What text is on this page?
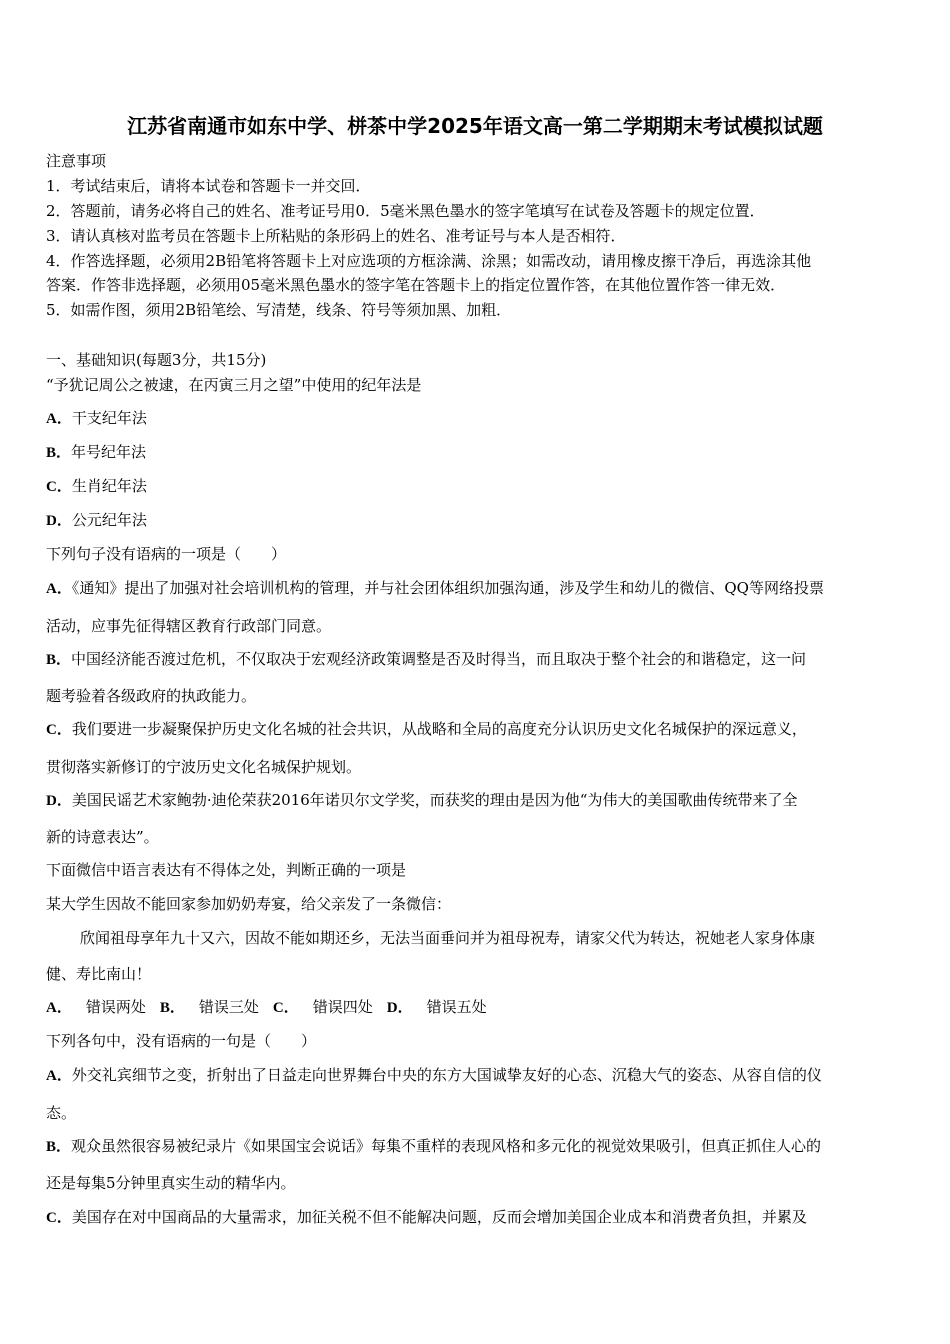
江苏省南通市如东中学、栟茶中学2025年语文高一第二学期期末考试模拟试题
注意事项
1．考试结束后，请将本试卷和答题卡一并交回．
2．答题前，请务必将自己的姓名、准考证号用0．5毫米黑色墨水的签字笔填写在试卷及答题卡的规定位置．
3．请认真核对监考员在答题卡上所粘贴的条形码上的姓名、准考证号与本人是否相符．
4．作答选择题，必须用2B铅笔将答题卡上对应选项的方框涂满、涂黑；如需改动，请用橡皮擦干净后，再选涂其他
答案．作答非选择题，必须用05毫米黑色墨水的签字笔在答题卡上的指定位置作答，在其他位置作答一律无效．
5．如需作图，须用2B铅笔绘、写清楚，线条、符号等须加黑、加粗．
一、基础知识(每题3分，共15分)
“予犹记周公之被逮，在丙寅三月之望”中使用的纪年法是
A．干支纪年法
B．年号纪年法
C．生肖纪年法
D．公元纪年法
下列句子没有语病的一项是（　　）
A．《通知》提出了加强对社会培训机构的管理，并与社会团体组织加强沟通，涉及学生和幼儿的微信、QQ等网络投票
活动，应事先征得辖区教育行政部门同意。
B．中国经济能否渡过危机，不仅取决于宏观经济政策调整是否及时得当，而且取决于整个社会的和谐稳定，这一问
题考验着各级政府的执政能力。
C．我们要进一步凝聚保护历史文化名城的社会共识，从战略和全局的高度充分认识历史文化名城保护的深远意义，
贯彻落实新修订的宁波历史文化名城保护规划。
D．美国民谣艺术家鲍勃·迪伦荣获2016年诺贝尔文学奖，而获奖的理由是因为他“为伟大的美国歌曲传统带来了全
新的诗意表达”。
下面微信中语言表达有不得体之处，判断正确的一项是
某大学生因故不能回家参加奶奶寿宴，给父亲发了一条微信：
欣闻祖母享年九十又六，因故不能如期还乡，无法当面垂问并为祖母祝寿，请家父代为转达，祝她老人家身体康
健、寿比南山！
A． 错误两处 B． 错误三处 C． 错误四处 D． 错误五处
下列各句中，没有语病的一句是（　　）
A．外交礼宾细节之变，折射出了日益走向世界舞台中央的东方大国诚挚友好的心态、沉稳大气的姿态、从容自信的仪
态。
B．观众虽然很容易被纪录片《如果国宝会说话》每集不重样的表现风格和多元化的视觉效果吸引，但真正抓住人心的
还是每集5分钟里真实生动的精华内。
C．美国存在对中国商品的大量需求，加征关税不但不能解决问题，反而会增加美国企业成本和消费者负担，并累及
